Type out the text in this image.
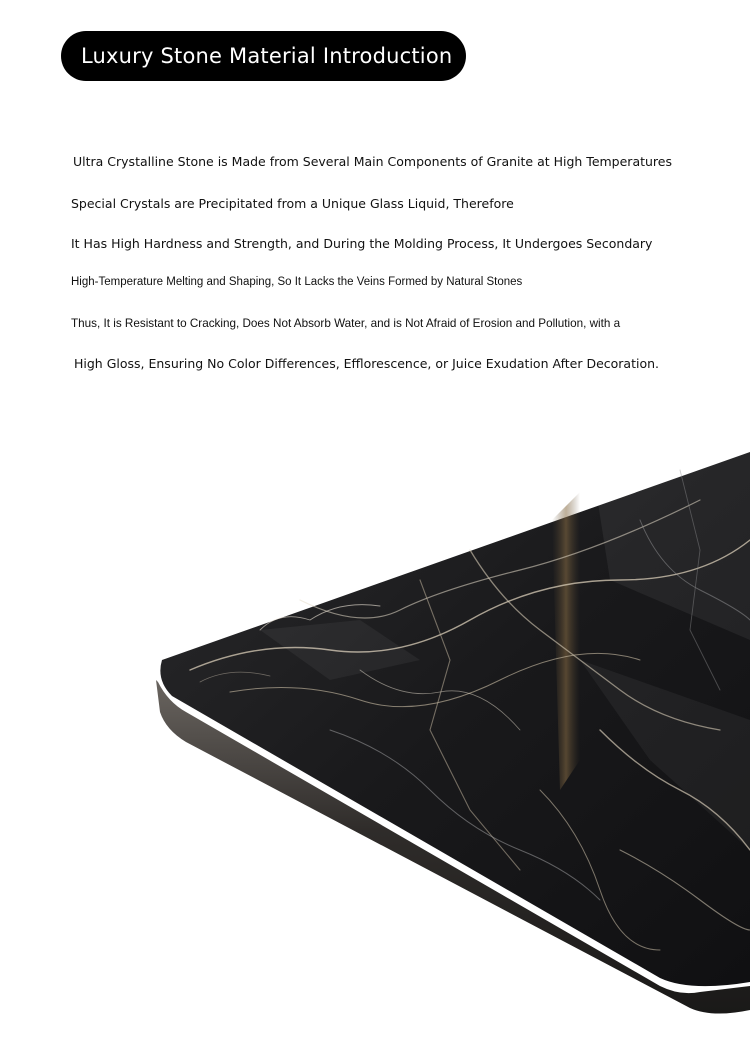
Luxury Stone Material Introduction
Ultra Crystalline Stone is Made from Several Main Components of Granite at High Temperatures
Special Crystals are Precipitated from a Unique Glass Liquid, Therefore
It Has High Hardness and Strength, and During the Molding Process, It Undergoes Secondary
High-Temperature Melting and Shaping, So It Lacks the Veins Formed by Natural Stones
Thus, It is Resistant to Cracking, Does Not Absorb Water, and is Not Afraid of Erosion and Pollution, with a
High Gloss, Ensuring No Color Differences, Efflorescence, or Juice Exudation After Decoration.
